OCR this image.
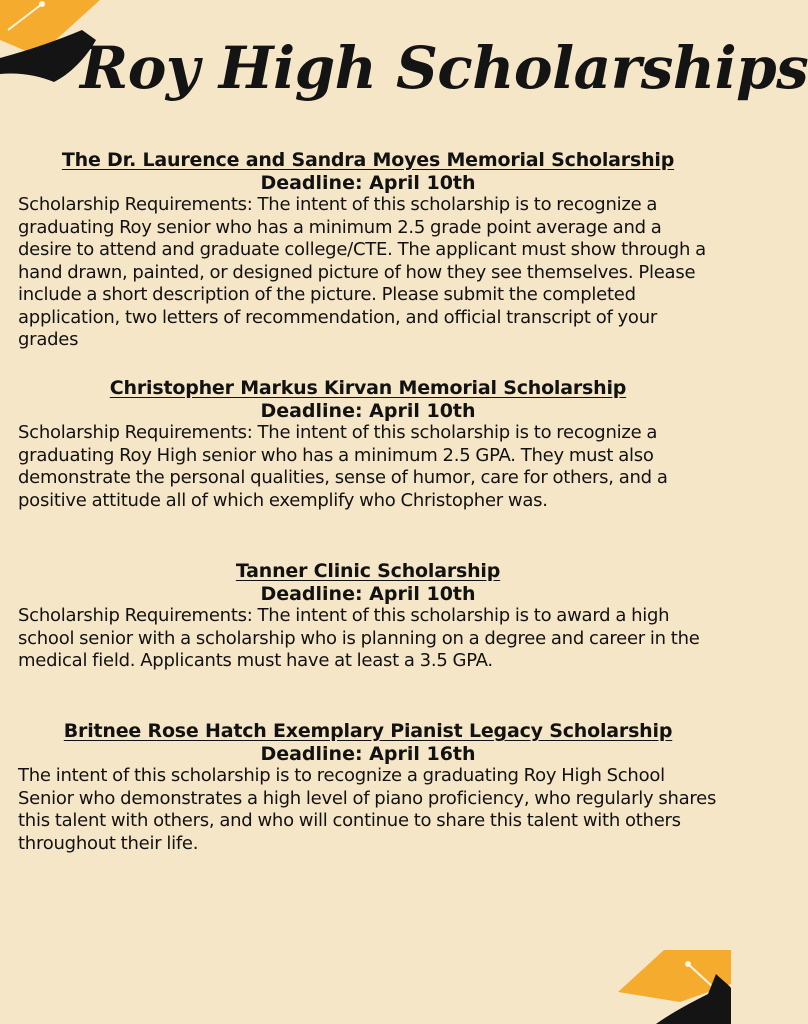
Roy High Scholarships
The Dr. Laurence and Sandra Moyes Memorial Scholarship
Deadline: April 10th
Scholarship Requirements: The intent of this scholarship is to recognize a graduating Roy senior who has a minimum 2.5 grade point average and a desire to attend and graduate college/CTE. The applicant must show through a hand drawn, painted, or designed picture of how they see themselves. Please include a short description of the picture. Please submit the completed application, two letters of recommendation, and official transcript of your grades
Christopher Markus Kirvan Memorial Scholarship
Deadline: April 10th
Scholarship Requirements: The intent of this scholarship is to recognize a graduating Roy High senior who has a minimum 2.5 GPA. They must also demonstrate the personal qualities, sense of humor, care for others, and a positive attitude all of which exemplify who Christopher was.
Tanner Clinic Scholarship
Deadline: April 10th
Scholarship Requirements: The intent of this scholarship is to award a high school senior with a scholarship who is planning on a degree and career in the medical field. Applicants must have at least a 3.5 GPA.
Britnee Rose Hatch Exemplary Pianist Legacy Scholarship
Deadline: April 16th
The intent of this scholarship is to recognize a graduating Roy High School Senior who demonstrates a high level of piano proficiency, who regularly shares this talent with others, and who will continue to share this talent with others throughout their life.
